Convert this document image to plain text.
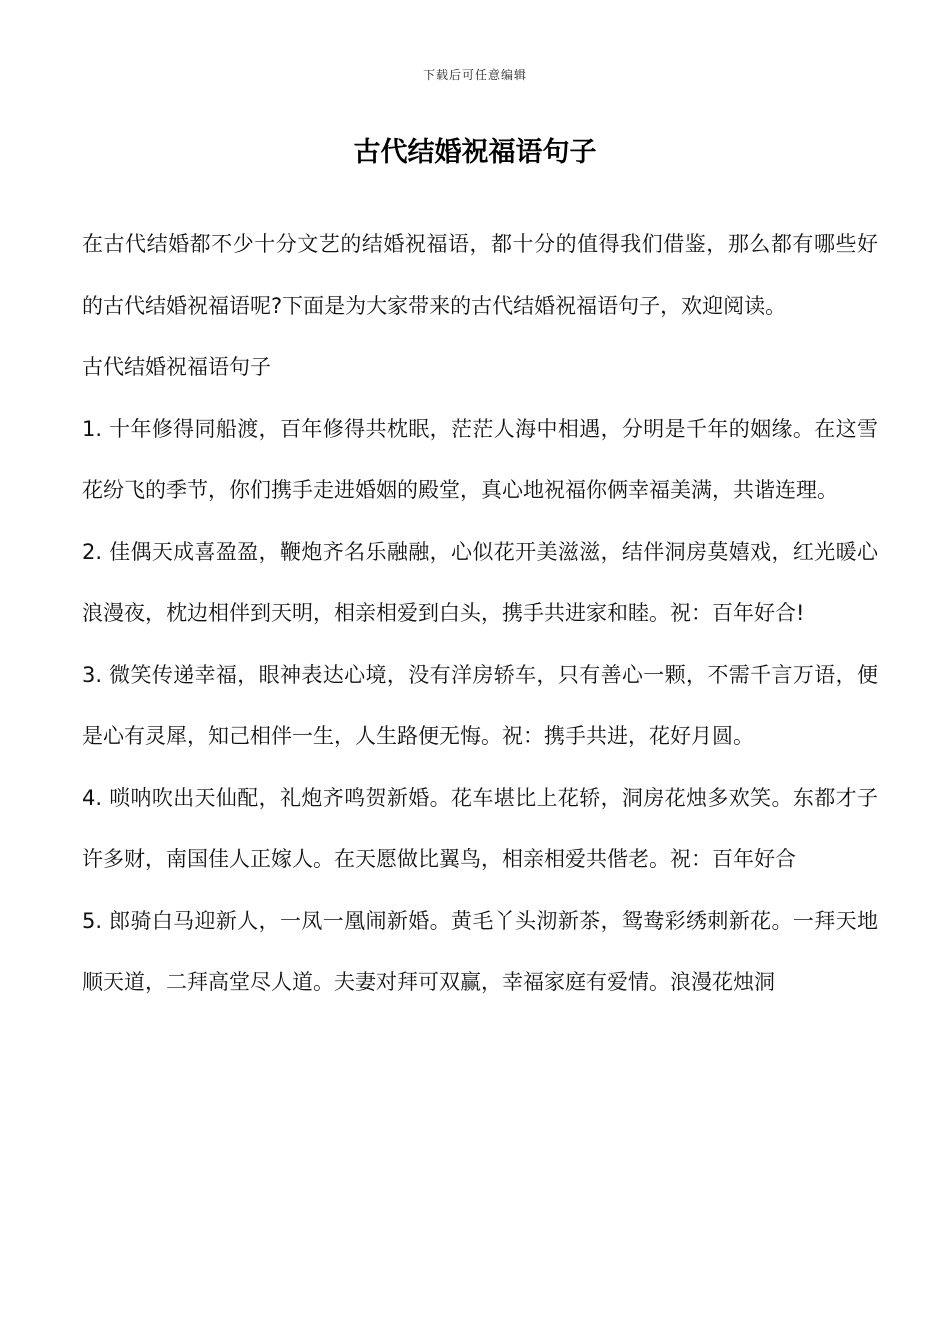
下载后可任意编辑
古代结婚祝福语句子

在古代结婚都不少十分文艺的结婚祝福语，都十分的值得我们借鉴，那么都有哪些好的古代结婚祝福语呢?下面是为大家带来的古代结婚祝福语句子，欢迎阅读。

古代结婚祝福语句子

1. 十年修得同船渡，百年修得共枕眠，茫茫人海中相遇，分明是千年的姻缘。在这雪花纷飞的季节，你们携手走进婚姻的殿堂，真心地祝福你俩幸福美满，共谐连理。

2. 佳偶天成喜盈盈，鞭炮齐名乐融融，心似花开美滋滋，结伴洞房莫嬉戏，红光暖心浪漫夜，枕边相伴到天明，相亲相爱到白头，携手共进家和睦。祝：百年好合!

3. 微笑传递幸福，眼神表达心境，没有洋房轿车，只有善心一颗，不需千言万语，便是心有灵犀，知己相伴一生，人生路便无悔。祝：携手共进，花好月圆。

4. 唢呐吹出天仙配，礼炮齐鸣贺新婚。花车堪比上花轿，洞房花烛多欢笑。东都才子许多财，南国佳人正嫁人。在天愿做比翼鸟，相亲相爱共偕老。祝：百年好合

5. 郎骑白马迎新人，一凤一凰闹新婚。黄毛丫头沏新茶，鸳鸯彩绣刺新花。一拜天地顺天道，二拜高堂尽人道。夫妻对拜可双赢，幸福家庭有爱情。浪漫花烛洞
